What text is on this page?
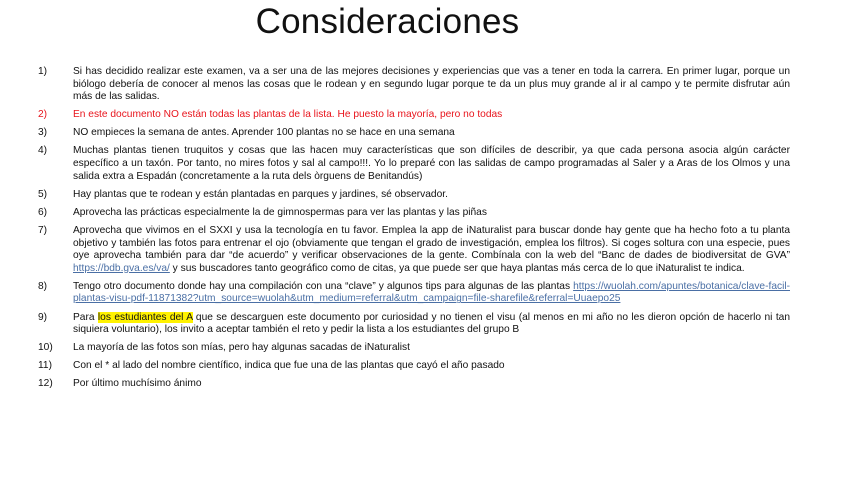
Consideraciones
1)	Si has decidido realizar este examen, va a ser una de las mejores decisiones y experiencias que vas a tener en toda la carrera. En primer lugar, porque un biólogo debería de conocer al menos las cosas que le rodean y en segundo lugar porque te da un plus muy grande al ir al campo y te permite disfrutar aún más de las salidas.
2)	En este documento NO están todas las plantas de la lista. He puesto la mayoría, pero no todas
3)	NO empieces la semana de antes. Aprender 100 plantas no se hace en una semana
4)	Muchas plantas tienen truquitos y cosas que las hacen muy características que son difíciles de describir, ya que cada persona asocia algún carácter específico a un taxón. Por tanto, no mires fotos y sal al campo!!!. Yo lo preparé con las salidas de campo programadas al Saler y a Aras de los Olmos y una salida extra a Espadán (concretamente a la ruta dels òrguens de Benitandús)
5)	Hay plantas que te rodean y están plantadas en parques y jardines, sé observador.
6)	Aprovecha las prácticas especialmente la de gimnospermas para ver las plantas y las piñas
7)	Aprovecha que vivimos en el SXXI y usa la tecnología en tu favor. Emplea la app de iNaturalist para buscar donde hay gente que ha hecho foto a tu planta objetivo y también las fotos para entrenar el ojo (obviamente que tengan el grado de investigación, emplea los filtros). Si coges soltura con una especie, pues oye aprovecha también para dar “de acuerdo” y verificar observaciones de la gente. Combínala con la web del “Banc de dades de biodiversitat de GVA” https://bdb.gva.es/va/ y sus buscadores tanto geográfico como de citas, ya que puede ser que haya plantas más cerca de lo que iNaturalist te indica.
8)	Tengo otro documento donde hay una compilación con una “clave” y algunos tips para algunas de las plantas https://wuolah.com/apuntes/botanica/clave-facil-plantas-visu-pdf-11871382?utm_source=wuolah&utm_medium=referral&utm_campaign=file-sharefile&referral=Uuaepo25
9)	Para los estudiantes del A que se descarguen este documento por curiosidad y no tienen el visu (al menos en mi año no les dieron opción de hacerlo ni tan siquiera voluntario), los invito a aceptar también el reto y pedir la lista a los estudiantes del grupo B
10)	La mayoría de las fotos son mías, pero hay algunas sacadas de iNaturalist
11)	Con el * al lado del nombre científico, indica que fue una de las plantas que cayó el año pasado
12)	Por último muchísimo ánimo
